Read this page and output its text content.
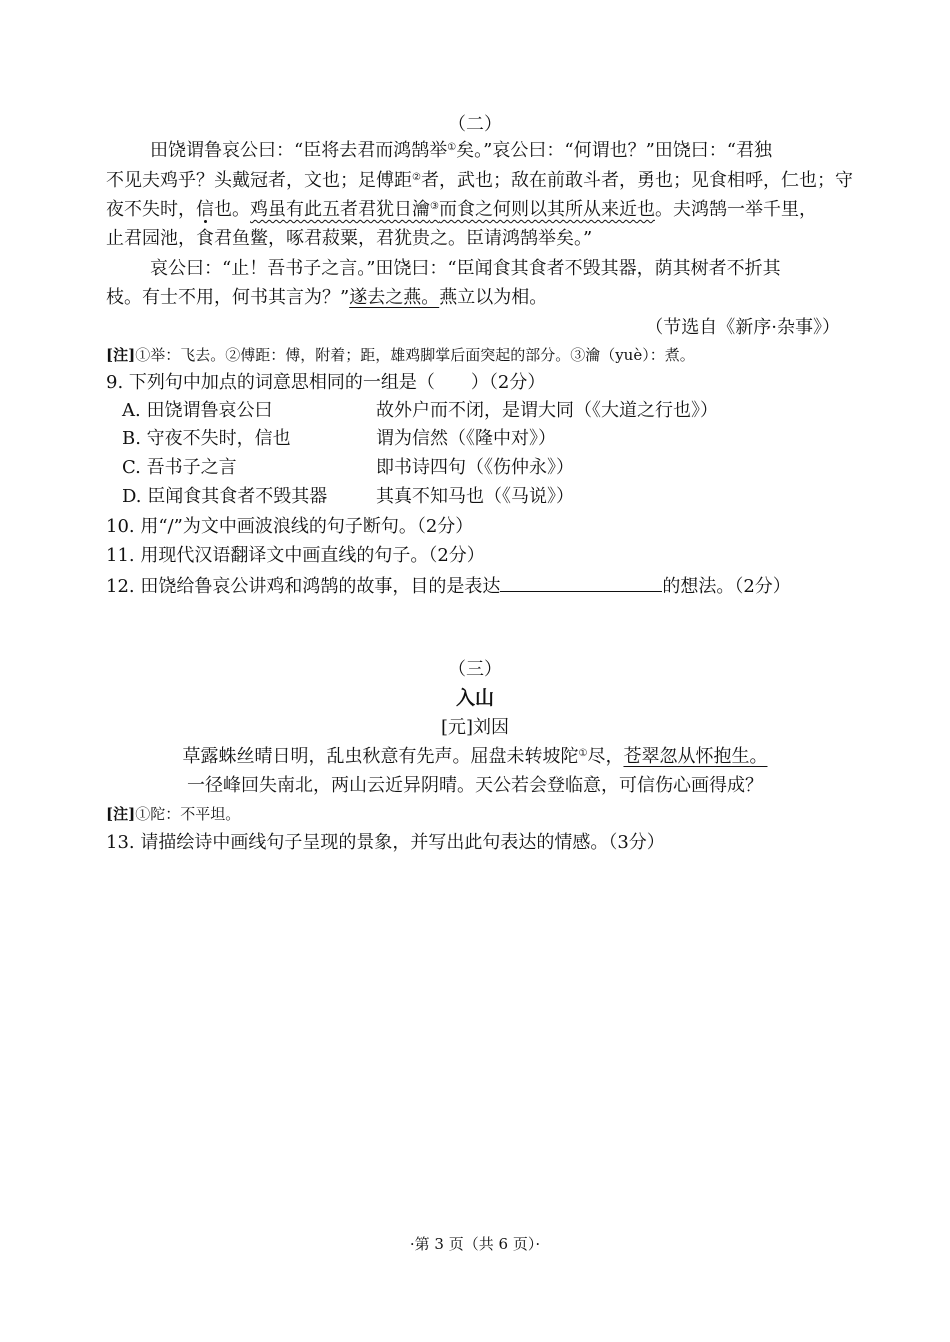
（二）
田饶谓鲁哀公曰：“臣将去君而鸿鹄举①矣。”哀公曰：“何谓也？”田饶曰：“君独
不见夫鸡乎？头戴冠者，文也；足傅距②者，武也；敌在前敢斗者，勇也；见食相呼，仁也；守
夜不失时，信也。鸡虽有此五者君犹日瀹③而食之何则以其所从来近也。夫鸿鹄一举千里，
止君园池，食君鱼鳖，啄君菽粟，君犹贵之。臣请鸿鹄举矣。”
哀公曰：“止！吾书子之言。”田饶曰：“臣闻食其食者不毁其器，荫其树者不折其
枝。有士不用，何书其言为？”遂去之燕。燕立以为相。
（节选自《新序·杂事》）
[注]①举：飞去。②傅距：傅，附着；距，雄鸡脚掌后面突起的部分。③瀹（yuè）：煮。
9. 下列句中加点的词意思相同的一组是（　　）（2分）
A. 田饶谓鲁哀公曰	故外户而不闭，是谓大同（《大道之行也》）
B. 守夜不失时，信也	谓为信然（《隆中对》）
C. 吾书子之言	即书诗四句（《伤仲永》）
D. 臣闻食其食者不毁其器	其真不知马也（《马说》）
10. 用“/”为文中画波浪线的句子断句。（2分）
11. 用现代汉语翻译文中画直线的句子。（2分）
12. 田饶给鲁哀公讲鸡和鸿鹄的故事，目的是表达	的想法。（2分）
（三）
入山
[元]刘因
草露蛛丝晴日明，乱虫秋意有先声。屈盘未转坡陀①尽，苍翠忽从怀抱生。
一径峰回失南北，两山云近异阴晴。天公若会登临意，可信伤心画得成？
[注]①陀：不平坦。
13. 请描绘诗中画线句子呈现的景象，并写出此句表达的情感。（3分）
·第 3 页（共 6 页）·
